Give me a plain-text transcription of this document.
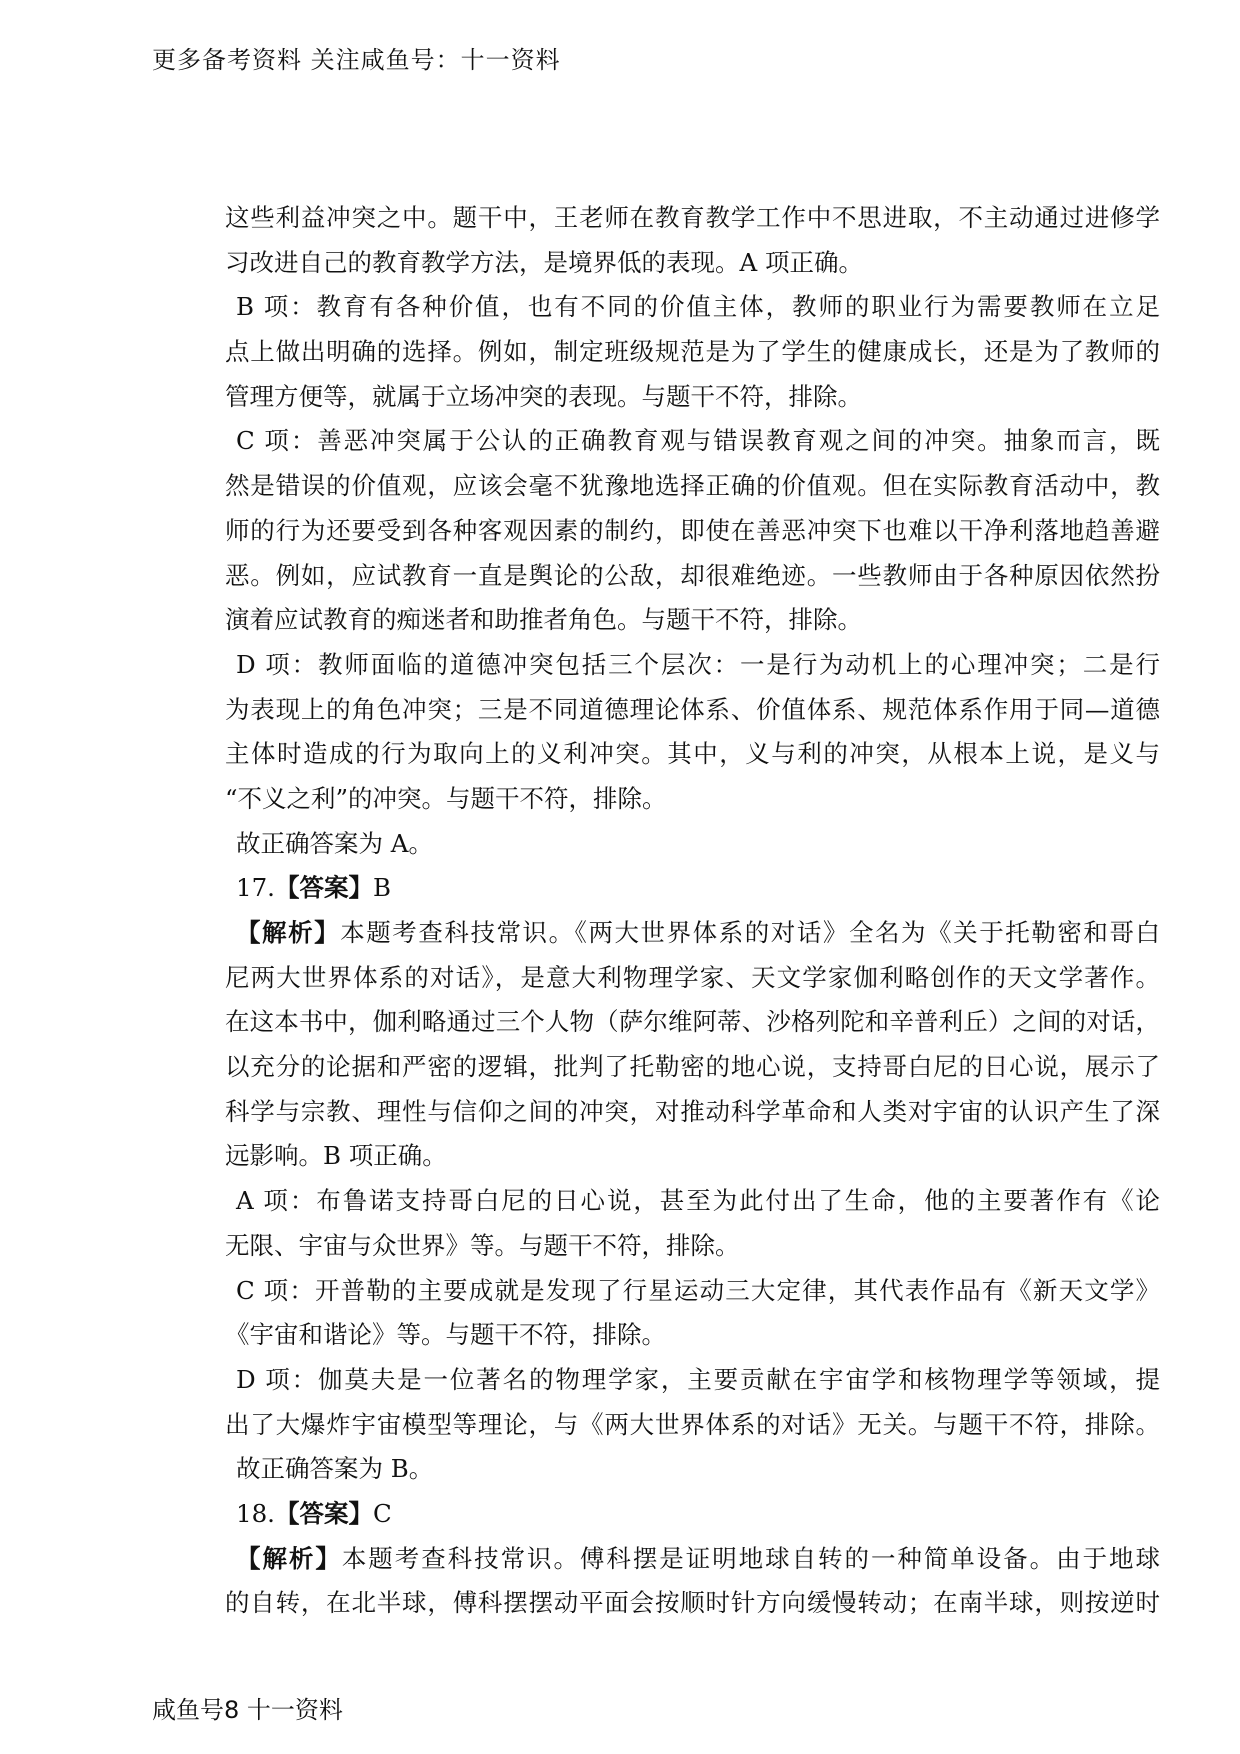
更多备考资料 关注咸鱼号：十一资料
这些利益冲突之中。题干中，王老师在教育教学工作中不思进取，不主动通过进修学
习改进自己的教育教学方法，是境界低的表现。A 项正确。
B 项：教育有各种价值，也有不同的价值主体，教师的职业行为需要教师在立足
点上做出明确的选择。例如，制定班级规范是为了学生的健康成长，还是为了教师的
管理方便等，就属于立场冲突的表现。与题干不符，排除。
C 项：善恶冲突属于公认的正确教育观与错误教育观之间的冲突。抽象而言，既
然是错误的价值观，应该会毫不犹豫地选择正确的价值观。但在实际教育活动中，教
师的行为还要受到各种客观因素的制约，即使在善恶冲突下也难以干净利落地趋善避
恶。例如，应试教育一直是舆论的公敌，却很难绝迹。一些教师由于各种原因依然扮
演着应试教育的痴迷者和助推者角色。与题干不符，排除。
D 项：教师面临的道德冲突包括三个层次：一是行为动机上的心理冲突；二是行
为表现上的角色冲突；三是不同道德理论体系、价值体系、规范体系作用于同—道德
主体时造成的行为取向上的义利冲突。其中，义与利的冲突，从根本上说，是义与
“不义之利”的冲突。与题干不符，排除。
故正确答案为 A。
17.【答案】B
【解析】本题考查科技常识。《两大世界体系的对话》全名为《关于托勒密和哥白
尼两大世界体系的对话》，是意大利物理学家、天文学家伽利略创作的天文学著作。
在这本书中，伽利略通过三个人物（萨尔维阿蒂、沙格列陀和辛普利丘）之间的对话，
以充分的论据和严密的逻辑，批判了托勒密的地心说，支持哥白尼的日心说，展示了
科学与宗教、理性与信仰之间的冲突，对推动科学革命和人类对宇宙的认识产生了深
远影响。B 项正确。
A 项：布鲁诺支持哥白尼的日心说，甚至为此付出了生命，他的主要著作有《论
无限、宇宙与众世界》等。与题干不符，排除。
C 项：开普勒的主要成就是发现了行星运动三大定律，其代表作品有《新天文学》
《宇宙和谐论》等。与题干不符，排除。
D 项：伽莫夫是一位著名的物理学家，主要贡献在宇宙学和核物理学等领域，提
出了大爆炸宇宙模型等理论，与《两大世界体系的对话》无关。与题干不符，排除。
故正确答案为 B。
18.【答案】C
【解析】本题考查科技常识。傅科摆是证明地球自转的一种简单设备。由于地球
的自转，在北半球，傅科摆摆动平面会按顺时针方向缓慢转动；在南半球，则按逆时
咸鱼号8 十一资料
